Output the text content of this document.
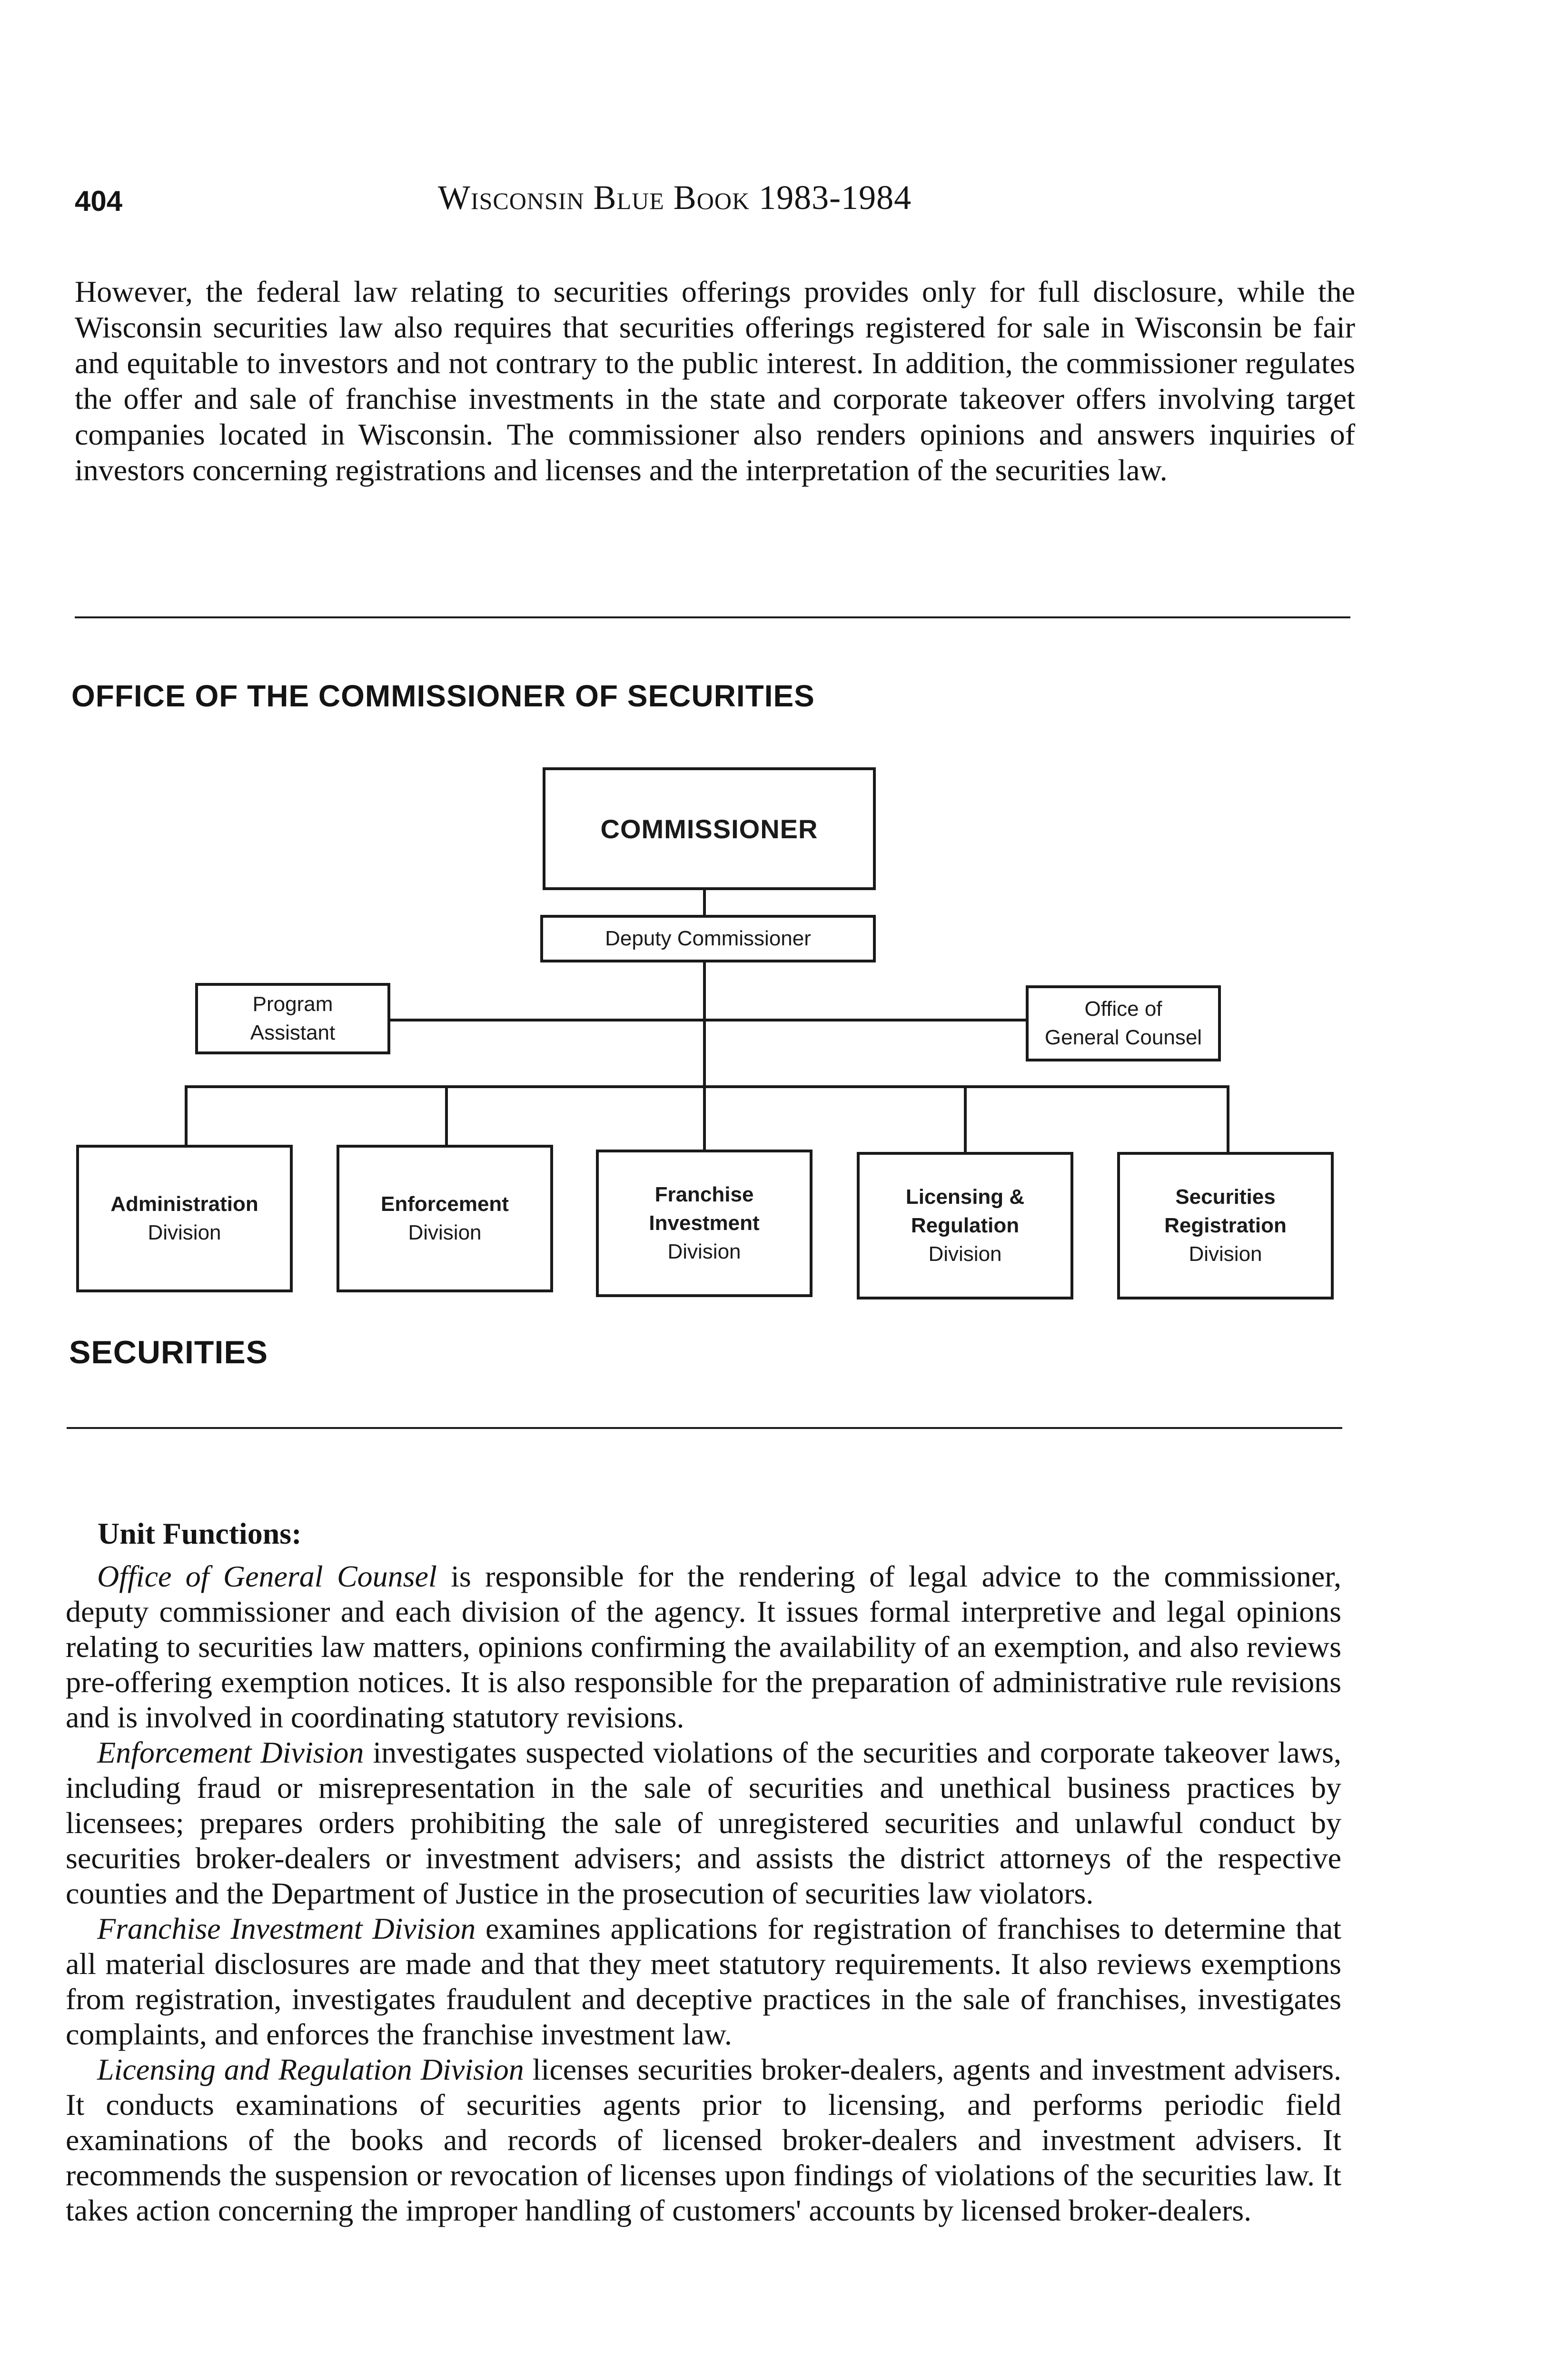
404	Wisconsin Blue Book 1983-1984

However, the federal law relating to securities offerings provides only for full disclosure, while the Wisconsin securities law also requires that securities offerings registered for sale in Wisconsin be fair and equitable to investors and not contrary to the public interest. In addition, the commissioner regulates the offer and sale of franchise investments in the state and corporate takeover offers involving target companies located in Wisconsin. The commissioner also renders opinions and answers inquiries of investors concerning registrations and licenses and the interpretation of the securities law.

OFFICE OF THE COMMISSIONER OF SECURITIES
COMMISSIONER
Deputy Commissioner
Program
Assistant
Office of
General Counsel
Administration
Division
Enforcement
Division
Franchise
Investment
Division
Licensing &
Regulation
Division
Securities
Registration
Division
SECURITIES
Unit Functions:

Office of General Counsel is responsible for the rendering of legal advice to the commissioner, deputy commissioner and each division of the agency. It issues formal interpretive and legal opinions relating to securities law matters, opinions confirming the availability of an exemption, and also reviews pre-offering exemption notices. It is also responsible for the preparation of administrative rule revisions and is involved in coordinating statutory revisions.

Enforcement Division investigates suspected violations of the securities and corporate takeover laws, including fraud or misrepresentation in the sale of securities and unethical business practices by licensees; prepares orders prohibiting the sale of unregistered securities and unlawful conduct by securities broker-dealers or investment advisers; and assists the district attorneys of the respective counties and the Department of Justice in the prosecution of securities law violators.

Franchise Investment Division examines applications for registration of franchises to determine that all material disclosures are made and that they meet statutory requirements. It also reviews exemptions from registration, investigates fraudulent and deceptive practices in the sale of franchises, investigates complaints, and enforces the franchise investment law.

Licensing and Regulation Division licenses securities broker-dealers, agents and investment advisers. It conducts examinations of securities agents prior to licensing, and performs periodic field examinations of the books and records of licensed broker-dealers and investment advisers. It recommends the suspension or revocation of licenses upon findings of violations of the securities law. It takes action concerning the improper handling of customers' accounts by licensed broker-dealers.
